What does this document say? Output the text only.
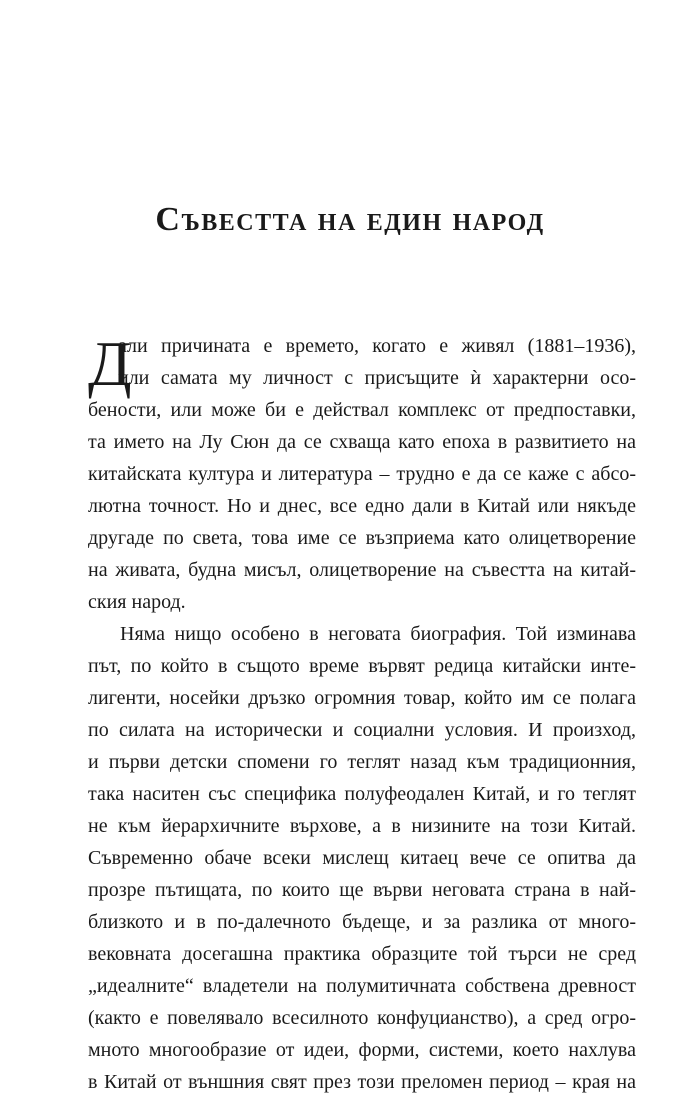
Съвестта на един народ
Д
али причината е времето, когато е живял (1881–1936),
или самата му личност с присъщите ѝ характерни осо-
бености, или може би е действал комплекс от предпоставки,
та името на Лу Сюн да се схваща като епоха в развитието на
китайската култура и литература – трудно е да се каже с абсо-
лютна точност. Но и днес, все едно дали в Китай или някъде
другаде по света, това име се възприема като олицетворение
на живата, будна мисъл, олицетворение на съвестта на китай-
ския народ.
Няма нищо особено в неговата биография. Той изминава
път, по който в същото време вървят редица китайски инте-
лигенти, носейки дръзко огромния товар, който им се полага
по силата на исторически и социални условия. И произход,
и първи детски спомени го теглят назад към традиционния,
така наситен със специфика полуфеодален Китай, и го теглят
не към йерархичните върхове, а в низините на този Китай.
Съвременно обаче всеки мислещ китаец вече се опитва да
прозре пътищата, по които ще върви неговата страна в най-
близкото и в по-далечното бъдеще, и за разлика от много-
вековната досегашна практика образците той търси не сред
„идеалните“ владетели на полумитичната собствена древност
(както е повелявало всесилното конфуцианство), а сред огро-
мното многообразие от идеи, форми, системи, което нахлува
в Китай от външния свят през този преломен период – края на
